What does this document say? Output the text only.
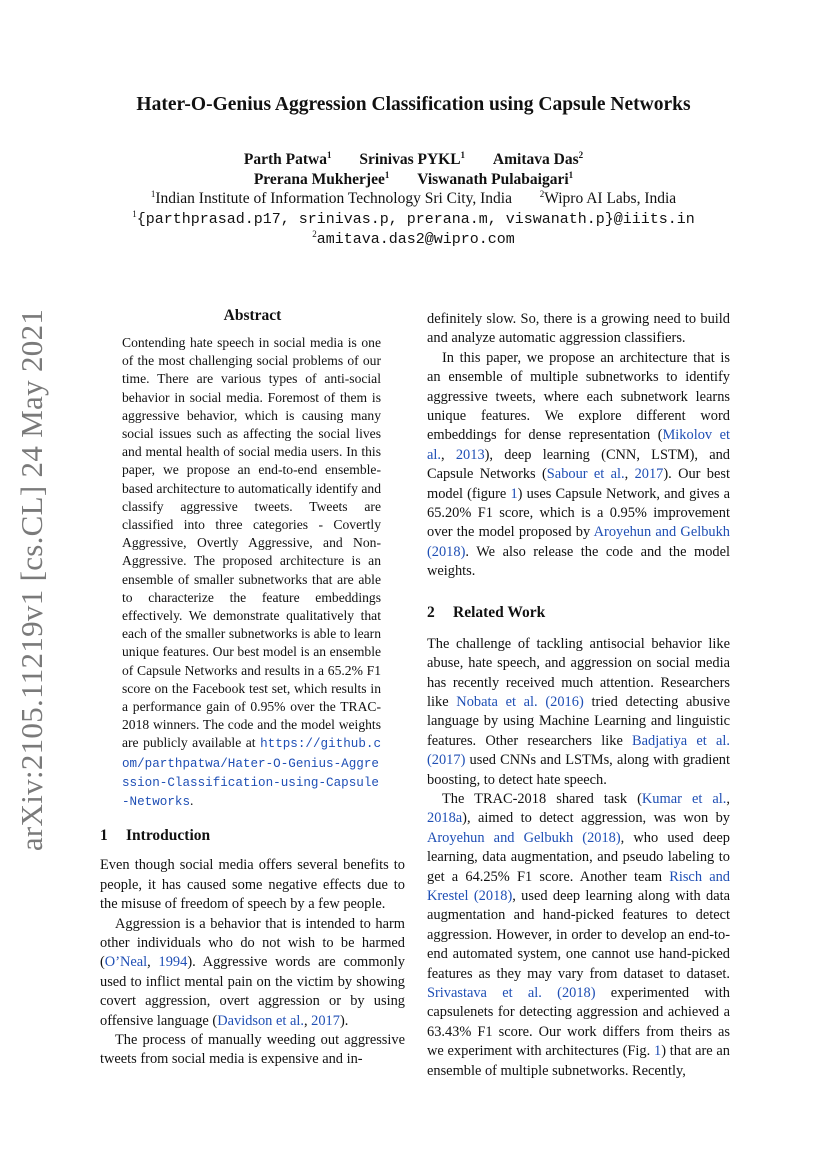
arXiv:2105.11219v1 [cs.CL] 24 May 2021
Hater-O-Genius Aggression Classification using Capsule Networks
Parth Patwa$^1$ Srinivas PYKL$^1$ Amitava Das$^2$
Prerana Mukherjee$^1$ Viswanath Pulabaigari$^1$
$^1$Indian Institute of Information Technology Sri City, India	$^2$Wipro AI Labs, India
$^1${parthprasad.p17, srinivas.p, prerana.m, viswanath.p}@iiits.in
$^2$amitava.das2@wipro.com
Abstract
Contending hate speech in social media is one of the most challenging social problems of our time. There are various types of anti-social behavior in social media. Foremost of them is aggressive behavior, which is causing many social issues such as affecting the social lives and mental health of social media users. In this paper, we propose an end-to-end ensemble-based architecture to automatically identify and classify aggressive tweets. Tweets are classified into three categories - Covertly Aggressive, Overtly Aggressive, and Non-Aggressive. The proposed architecture is an ensemble of smaller subnetworks that are able to characterize the feature embeddings effectively. We demonstrate qualitatively that each of the smaller subnetworks is able to learn unique features. Our best model is an ensemble of Capsule Networks and results in a 65.2% F1 score on the Facebook test set, which results in a performance gain of 0.95% over the TRAC-2018 winners. The code and the model weights are publicly available at https://github.com/parthpatwa/Hater-O-Genius-Aggression-Classification-using-Capsule-Networks.
1 Introduction

Even though social media offers several benefits to people, it has caused some negative effects due to the misuse of freedom of speech by a few people.

Aggression is a behavior that is intended to harm other individuals who do not wish to be harmed (O’Neal, 1994). Aggressive words are commonly used to inflict mental pain on the victim by showing covert aggression, overt aggression or by using offensive language (Davidson et al., 2017).

The process of manually weeding out aggressive tweets from social media is expensive and in-

definitely slow. So, there is a growing need to build and analyze automatic aggression classifiers.

In this paper, we propose an architecture that is an ensemble of multiple subnetworks to identify aggressive tweets, where each subnetwork learns unique features. We explore different word embeddings for dense representation (Mikolov et al., 2013), deep learning (CNN, LSTM), and Capsule Networks (Sabour et al., 2017). Our best model (figure 1) uses Capsule Network, and gives a 65.20% F1 score, which is a 0.95% improvement over the model proposed by Aroyehun and Gelbukh (2018). We also release the code and the model weights.

2 Related Work

The challenge of tackling antisocial behavior like abuse, hate speech, and aggression on social media has recently received much attention. Researchers like Nobata et al. (2016) tried detecting abusive language by using Machine Learning and linguistic features. Other researchers like Badjatiya et al. (2017) used CNNs and LSTMs, along with gradient boosting, to detect hate speech.

The TRAC-2018 shared task (Kumar et al., 2018a), aimed to detect aggression, was won by Aroyehun and Gelbukh (2018), who used deep learning, data augmentation, and pseudo labeling to get a 64.25% F1 score. Another team Risch and Krestel (2018), used deep learning along with data augmentation and hand-picked features to detect aggression. However, in order to develop an end-to-end automated system, one cannot use hand-picked features as they may vary from dataset to dataset. Srivastava et al. (2018) experimented with capsulenets for detecting aggression and achieved a 63.43% F1 score. Our work differs from theirs as we experiment with architectures (Fig. 1) that are an ensemble of multiple subnetworks. Recently,
